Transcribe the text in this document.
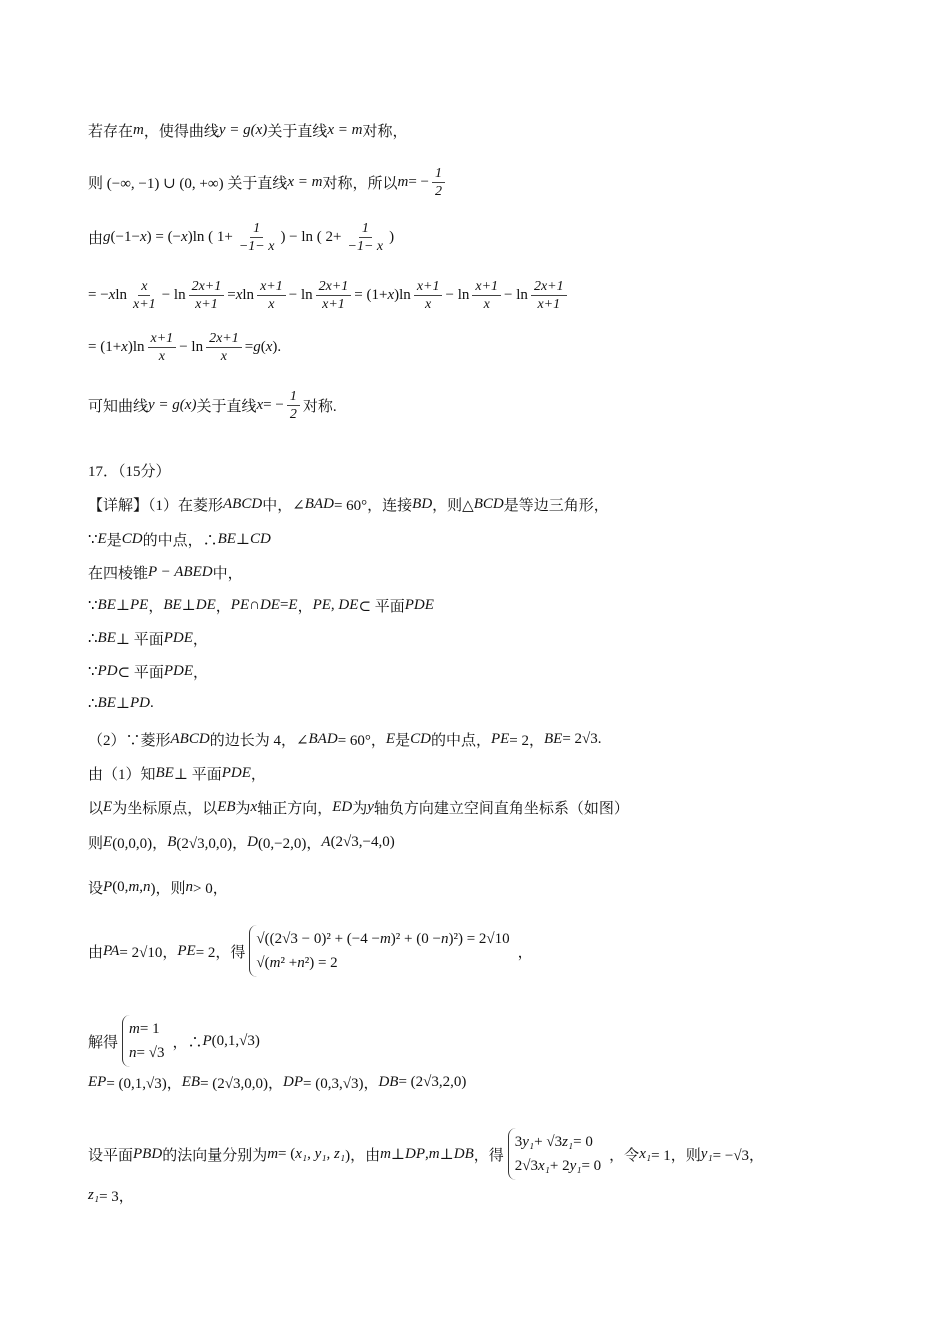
若存在 m ，使得曲线 y = g(x) 关于直线 x = m 对称，
则 (−∞, −1) ∪ (0, +∞) 关于直线 x = m 对称，所以 m = − $\frac{1}{2}$
由 g (−1− x ) = (− x )ln ( $1+ \frac{1}{-1- x}$ ) − ln ( $2+ \frac{1}{-1- x}$ )
= − x $\ln \frac{x}{x+1} - \ln \frac{2x+1}{x+1} = x$ $\ln \frac{x+1}{x} - \ln \frac{2x+1}{x+1} = (1+ x$ )$\ln \frac{x+1}{x} - \ln \frac{x+1}{x} - \ln \frac{2x+1}{x+1}$
= (1+ x )$\ln \frac{x+1}{x} - \ln \frac{2x+1}{x} = g$ ( x ).
可知曲线 y = g(x) 关于直线 x = − $\frac{1}{2}$ 对称.
17．（15分）
【详解】（1）在菱形 ABCD 中，∠ BAD = 60°，连接 BD ，则△ BCD 是等边三角形，
∵ E 是 CD 的中点，∴ BE ⊥ CD
在四棱锥 P − ABED 中，
∵ BE ⊥ PE ， BE ⊥ DE ， PE ∩ DE = E ， PE, DE ⊂ 平面 PDE
∴ BE ⊥ 平面 PDE ，
∵ PD ⊂ 平面 PDE ，
∴ BE ⊥ PD .
（2）∵菱形 ABCD 的边长为 4，∠ BAD = 60°， E 是 CD 的中点， PE = 2， BE = 2√3.
由（1）知 BE ⊥ 平面 PDE ，
以 E 为坐标原点，以 EB 为 x 轴正方向， ED 为 y 轴负方向建立空间直角坐标系（如图）
则 E (0,0,0)， B (2√3,0,0)， D (0,−2,0)， A (2√3,−4,0)
设 P (0, m , n )，则 n > 0，
由 PA = 2√10， PE = 2，得
√((2√3 − 0)² + (−4 − m )² + (0 − n )²) = 2√10
√( m ² + n ²) = 2
，
解得
m = 1
n = √3
，∴ P (0,1,√3)
EP = (0,1,√3)， EB = (2√3,0,0)， DP = (0,3,√3)， DB = (2√3,2,0)
设平面 PBD 的法向量分别为 m = ( x₁, y₁, z₁ )，由 m ⊥ DP , m ⊥ DB ，得
3 y₁ + √3 z₁ = 0
2√3 x₁ + 2 y₁ = 0
，令 x₁ = 1，则 y₁ = −√3，
z₁ = 3，
